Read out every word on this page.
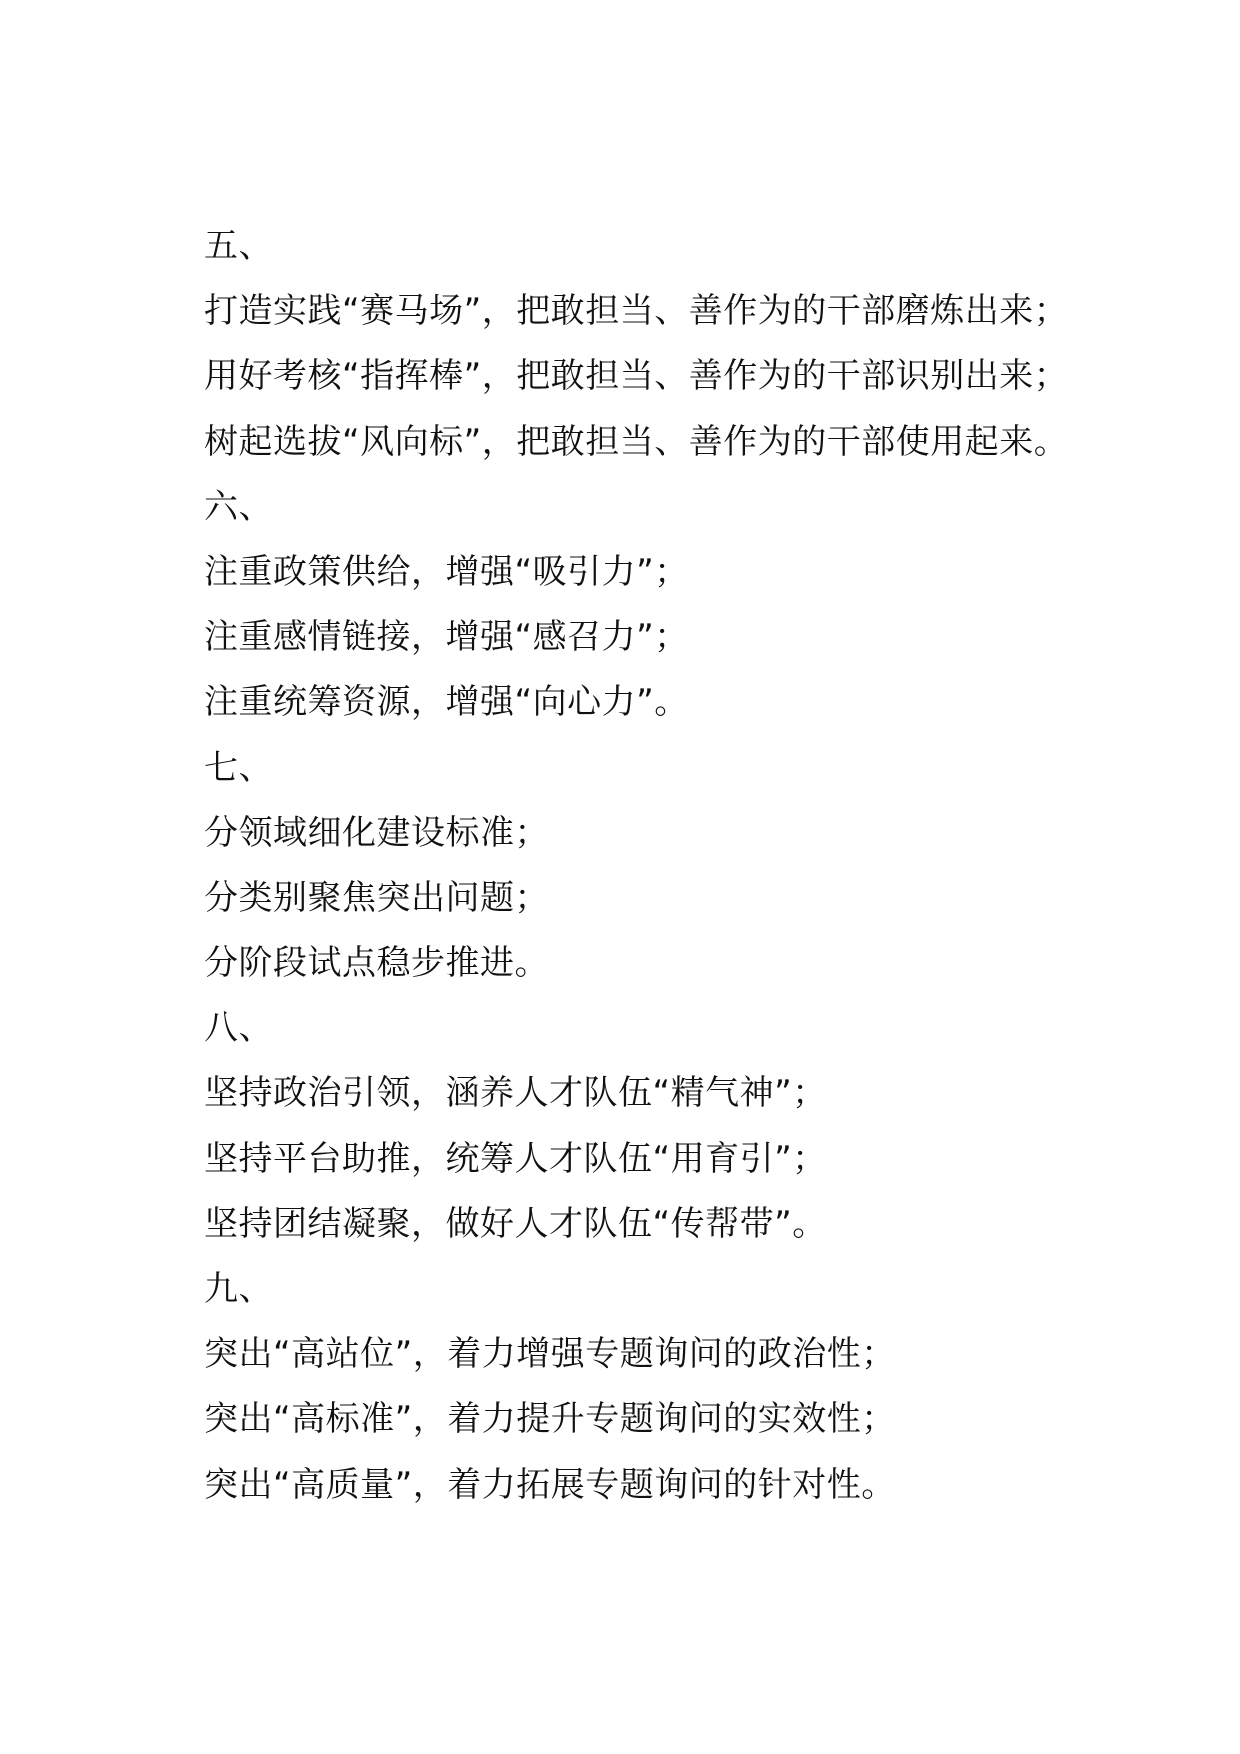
五、
打造实践“赛马场”，把敢担当、善作为的干部磨炼出来；
用好考核“指挥棒”，把敢担当、善作为的干部识别出来；
树起选拔“风向标”，把敢担当、善作为的干部使用起来。
六、
注重政策供给，增强“吸引力”；
注重感情链接，增强“感召力”；
注重统筹资源，增强“向心力”。
七、
分领域细化建设标准；
分类别聚焦突出问题；
分阶段试点稳步推进。
八、
坚持政治引领，涵养人才队伍“精气神”；
坚持平台助推，统筹人才队伍“用育引”；
坚持团结凝聚，做好人才队伍“传帮带”。
九、
突出“高站位”，着力增强专题询问的政治性；
突出“高标准”，着力提升专题询问的实效性；
突出“高质量”，着力拓展专题询问的针对性。
